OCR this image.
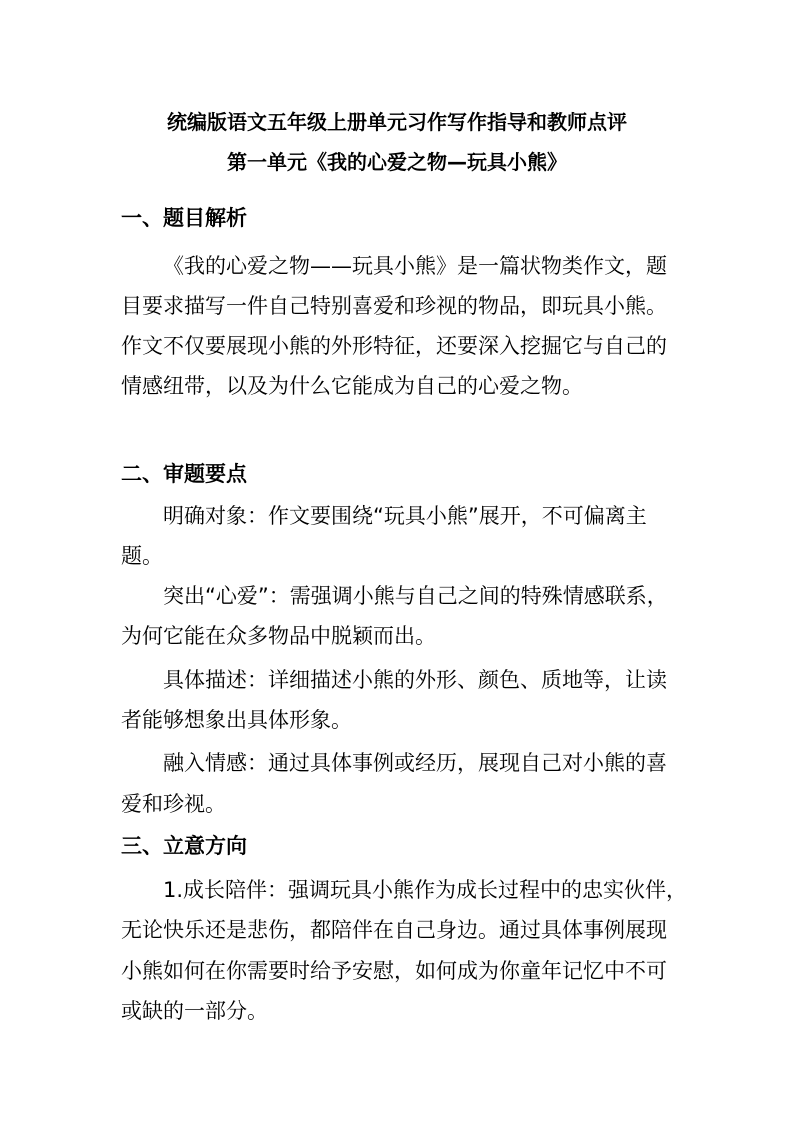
统编版语文五年级上册单元习作写作指导和教师点评
第一单元《我的心爱之物—玩具小熊》
一、题目解析
《我的心爱之物——玩具小熊》是一篇状物类作文，题
目要求描写一件自己特别喜爱和珍视的物品，即玩具小熊。
作文不仅要展现小熊的外形特征，还要深入挖掘它与自己的
情感纽带，以及为什么它能成为自己的心爱之物。
二、审题要点
明确对象：作文要围绕“玩具小熊”展开，不可偏离主
题。
突出“心爱”：需强调小熊与自己之间的特殊情感联系，
为何它能在众多物品中脱颖而出。
具体描述：详细描述小熊的外形、颜色、质地等，让读
者能够想象出具体形象。
融入情感：通过具体事例或经历，展现自己对小熊的喜
爱和珍视。
三、立意方向
1.成长陪伴：强调玩具小熊作为成长过程中的忠实伙伴，
无论快乐还是悲伤，都陪伴在自己身边。通过具体事例展现
小熊如何在你需要时给予安慰，如何成为你童年记忆中不可
或缺的一部分。
